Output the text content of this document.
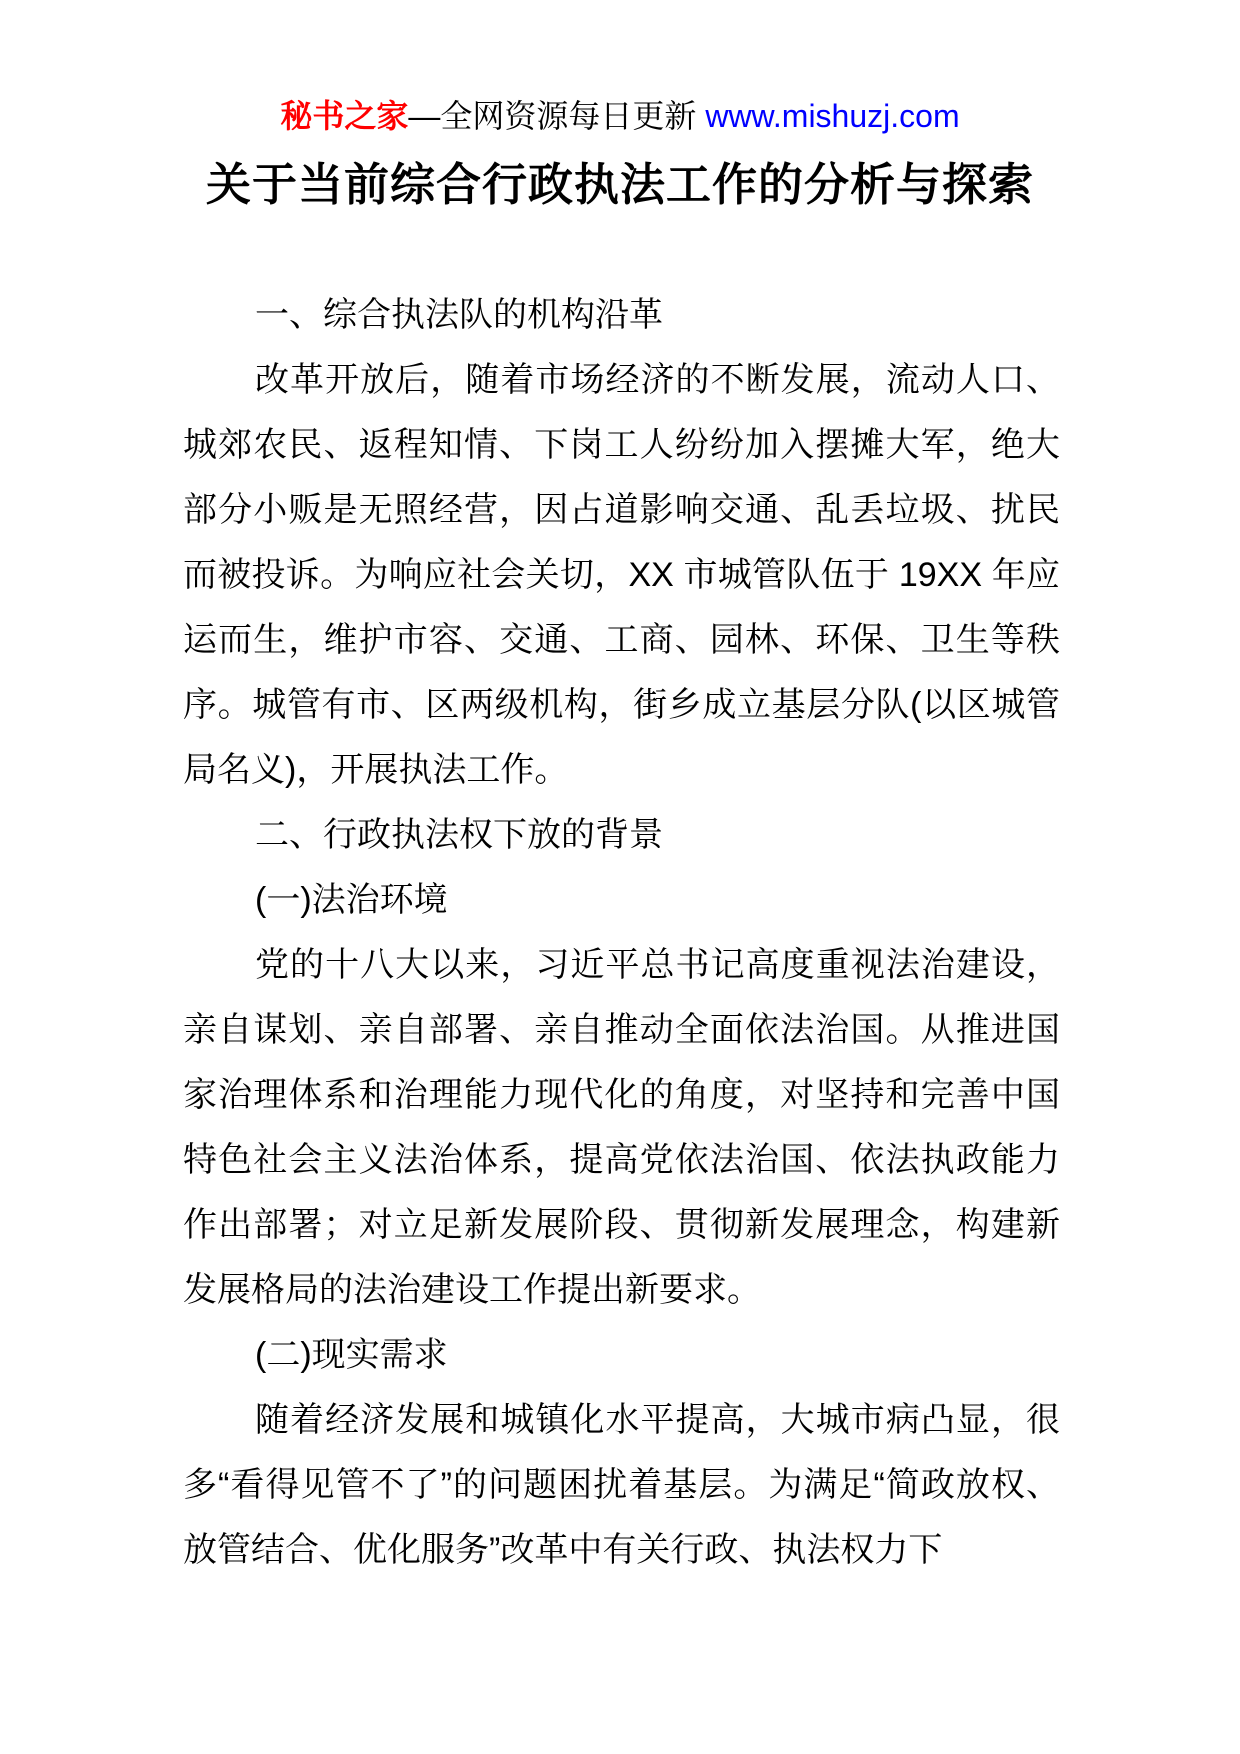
秘书之家—全网资源每日更新 www.mishuzj.com
关于当前综合行政执法工作的分析与探索

一、综合执法队的机构沿革

改革开放后，随着市场经济的不断发展，流动人口、城郊农民、返程知情、下岗工人纷纷加入摆摊大军，绝大部分小贩是无照经营，因占道影响交通、乱丢垃圾、扰民而被投诉。为响应社会关切，XX 市城管队伍于 19XX 年应运而生，维护市容、交通、工商、园林、环保、卫生等秩序。城管有市、区两级机构，街乡成立基层分队(以区城管局名义)，开展执法工作。

二、行政执法权下放的背景

(一)法治环境

党的十八大以来，习近平总书记高度重视法治建设，亲自谋划、亲自部署、亲自推动全面依法治国。从推进国家治理体系和治理能力现代化的角度，对坚持和完善中国特色社会主义法治体系，提高党依法治国、依法执政能力作出部署；对立足新发展阶段、贯彻新发展理念，构建新发展格局的法治建设工作提出新要求。

(二)现实需求

随着经济发展和城镇化水平提高，大城市病凸显，很多“看得见管不了”的问题困扰着基层。为满足“简政放权、放管结合、优化服务”改革中有关行政、执法权力下
